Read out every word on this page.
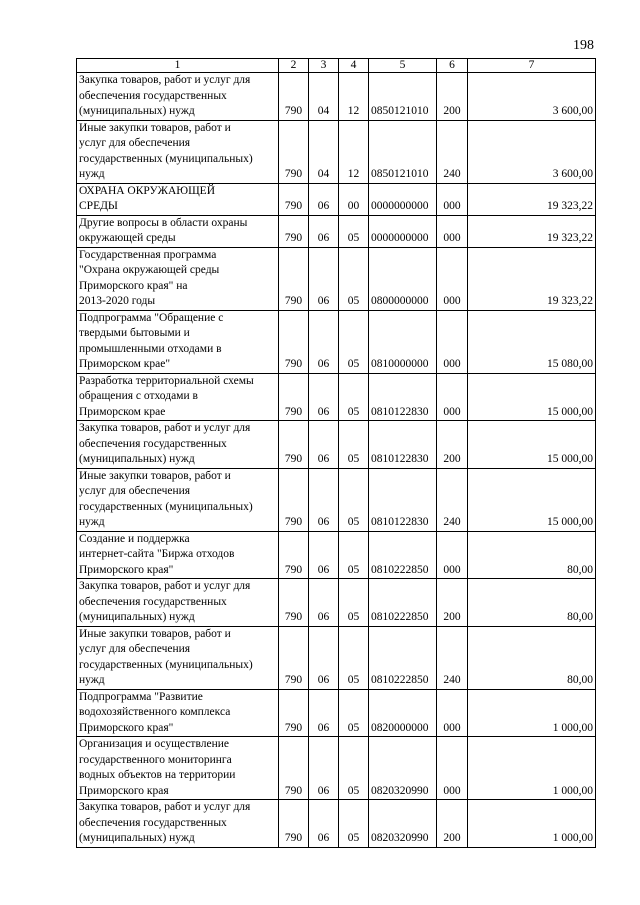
198
1	2	3	4	5	6	7

Закупка товаров, работ и услуг для
обеспечения государственных
(муниципальных) нужд	790	04	12	0850121010	200	3 600,00

Иные закупки товаров, работ и
услуг для обеспечения
государственных (муниципальных)
нужд	790	04	12	0850121010	240	3 600,00

ОХРАНА ОКРУЖАЮЩЕЙ
СРЕДЫ	790	06	00	0000000000	000	19 323,22

Другие вопросы в области охраны
окружающей среды	790	06	05	0000000000	000	19 323,22

Государственная программа
"Охрана окружающей среды
Приморского края" на
2013-2020 годы	790	06	05	0800000000	000	19 323,22

Подпрограмма "Обращение с
твердыми бытовыми и
промышленными отходами в
Приморском крае"	790	06	05	0810000000	000	15 080,00

Разработка территориальной схемы
обращения с отходами в
Приморском крае	790	06	05	0810122830	000	15 000,00

Закупка товаров, работ и услуг для
обеспечения государственных
(муниципальных) нужд	790	06	05	0810122830	200	15 000,00

Иные закупки товаров, работ и
услуг для обеспечения
государственных (муниципальных)
нужд	790	06	05	0810122830	240	15 000,00

Создание и поддержка
интернет-сайта "Биржа отходов
Приморского края"	790	06	05	0810222850	000	80,00

Закупка товаров, работ и услуг для
обеспечения государственных
(муниципальных) нужд	790	06	05	0810222850	200	80,00

Иные закупки товаров, работ и
услуг для обеспечения
государственных (муниципальных)
нужд	790	06	05	0810222850	240	80,00

Подпрограмма "Развитие
водохозяйственного комплекса
Приморского края"	790	06	05	0820000000	000	1 000,00

Организация и осуществление
государственного мониторинга
водных объектов на территории
Приморского края	790	06	05	0820320990	000	1 000,00

Закупка товаров, работ и услуг для
обеспечения государственных
(муниципальных) нужд	790	06	05	0820320990	200	1 000,00
